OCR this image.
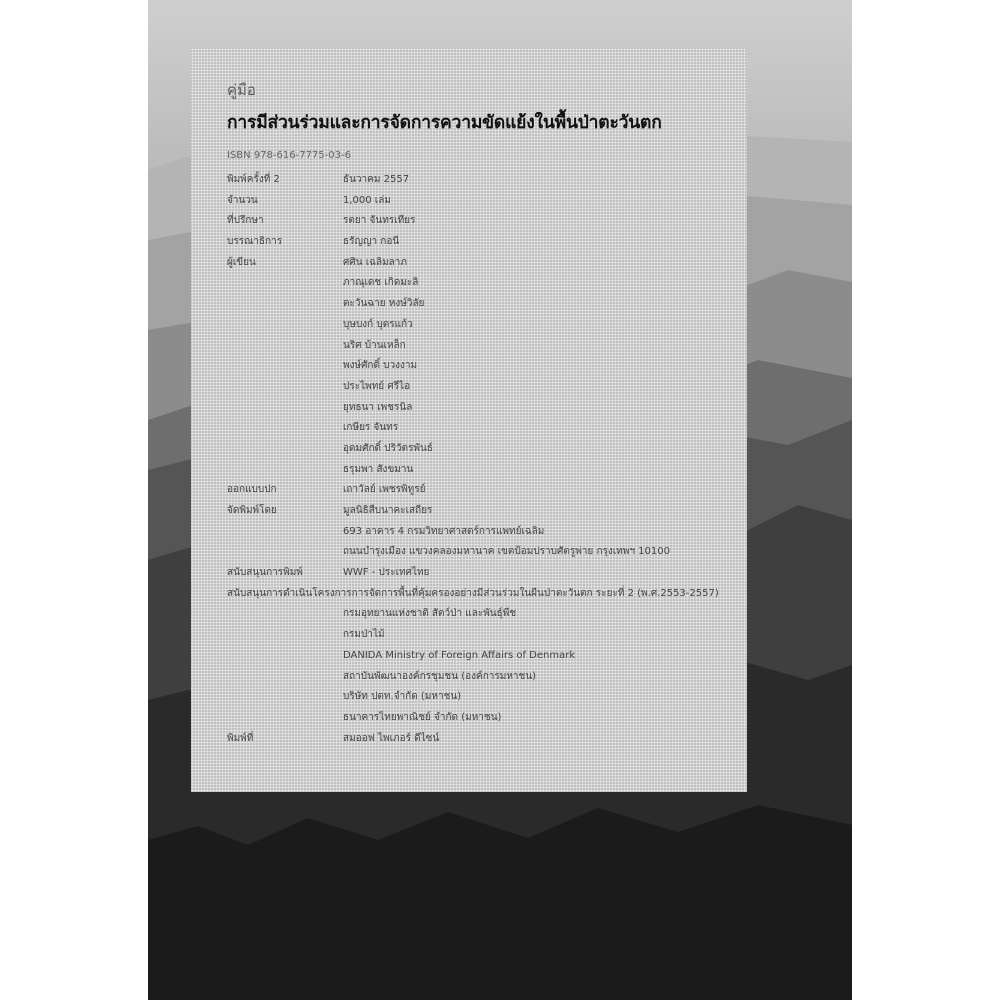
คู่มือ
การมีส่วนร่วมและการจัดการความขัดแย้งในพื้นป่าตะวันตก
ISBN 978-616-7775-03-6
พิมพ์ครั้งที่ 2	ธันวาคม 2557
จำนวน	1,000 เล่ม
ที่ปรึกษา	รตยา จันทรเทียร
บรรณาธิการ	ธรัญญา กอนี
ผู้เขียน	ศศิน เฉลิมลาภ
ภาณุเดช เกิดมะลิ
ตะวันฉาย หงษ์วิลัย
บุษบงก์ บุตรแก้ว
นริศ บ้านเหล็ก
พงษ์ศักดิ์ บวงงาม
ประไพทย์ ศรีไอ
ยุทธนา เพชรนิล
เกษียร จันทร
อุดมศักดิ์ ปริวัตรพันธ์
ธรุมพา สังขมาน
ออกแบบปก	เถาวัลย์ เพชรพิทูรย์
จัดพิมพ์โดย	มูลนิธิสืบนาคะเสถียร
693 อาคาร 4 กรมวิทยาศาสตร์การแพทย์เฉลิม
ถนนบำรุงเมือง แขวงคลองมหานาค เขตป้อมปราบศัตรูพ่าย กรุงเทพฯ 10100
สนับสนุนการพิมพ์	WWF - ประเทศไทย
สนับสนุนการดำเนินโครงการ การจัดการพื้นที่คุ้มครองอย่างมีส่วนร่วมในผืนป่าตะวันตก ระยะที่ 2 (พ.ศ.2553-2557)
กรมอุทยานแห่งชาติ สัตว์ป่า และพันธุ์พืช
กรมป่าไม้
DANIDA Ministry of Foreign Affairs of Denmark
สถาบันพัฒนาองค์กรชุมชน (องค์การมหาชน)
บริษัท ปตท.จำกัด (มหาชน)
ธนาคารไทยพาณิชย์ จำกัด (มหาชน)
พิมพ์ที่	สมออฟ ไพเภอร์ ดีไซน์
